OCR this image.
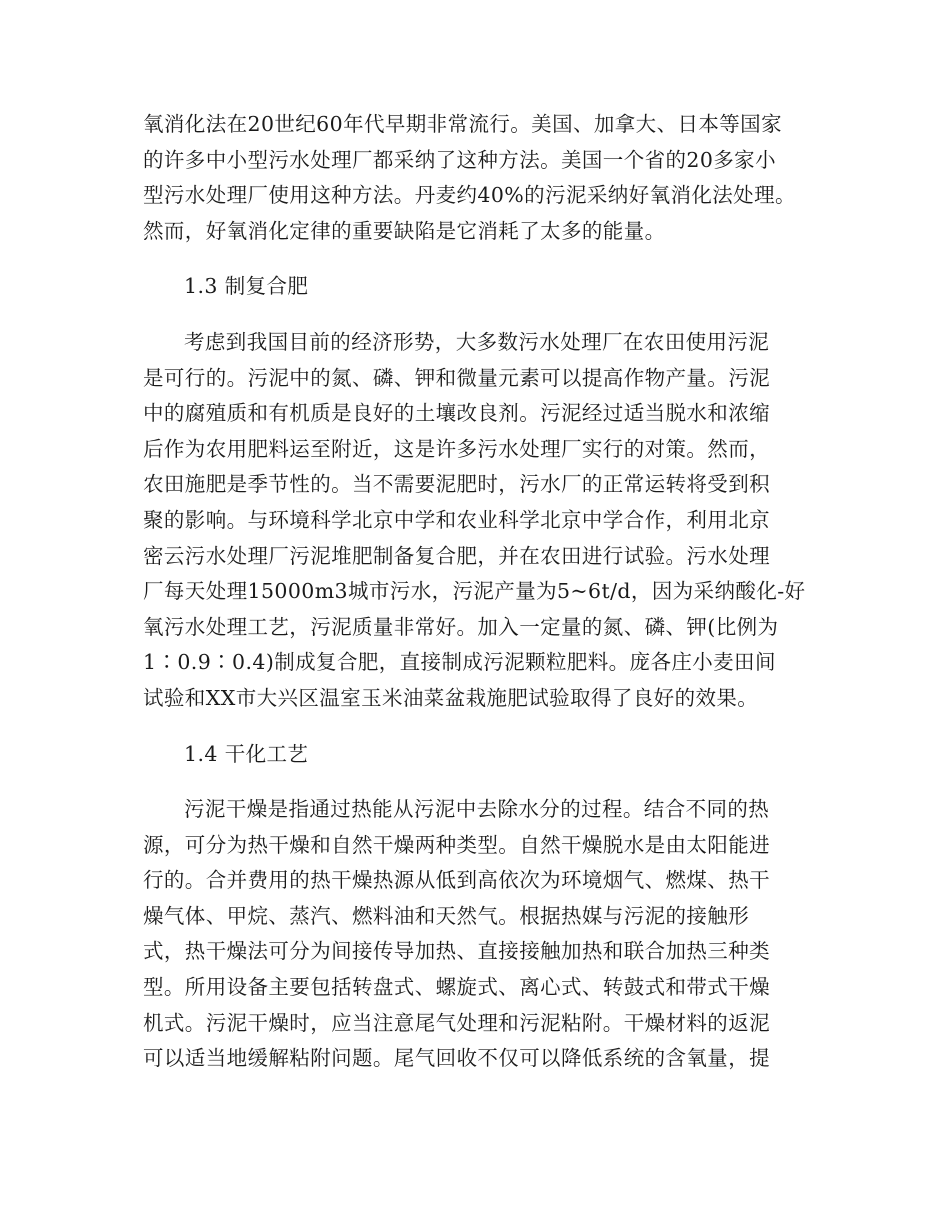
氧消化法在20世纪60年代早期非常流行。美国、加拿大、日本等国家
的许多中小型污水处理厂都采纳了这种方法。美国一个省的20多家小
型污水处理厂使用这种方法。丹麦约40%的污泥采纳好氧消化法处理。
然而，好氧消化定律的重要缺陷是它消耗了太多的能量。
1.3 制复合肥
考虑到我国目前的经济形势，大多数污水处理厂在农田使用污泥
是可行的。污泥中的氮、磷、钾和微量元素可以提高作物产量。污泥
中的腐殖质和有机质是良好的土壤改良剂。污泥经过适当脱水和浓缩
后作为农用肥料运至附近，这是许多污水处理厂实行的对策。然而，
农田施肥是季节性的。当不需要泥肥时，污水厂的正常运转将受到积
聚的影响。与环境科学北京中学和农业科学北京中学合作，利用北京
密云污水处理厂污泥堆肥制备复合肥，并在农田进行试验。污水处理
厂每天处理15000m3城市污水，污泥产量为5~6t/d，因为采纳酸化-好
氧污水处理工艺，污泥质量非常好。加入一定量的氮、磷、钾(比例为
1∶0.9∶0.4)制成复合肥，直接制成污泥颗粒肥料。庞各庄小麦田间
试验和XX市大兴区温室玉米油菜盆栽施肥试验取得了良好的效果。
1.4 干化工艺
污泥干燥是指通过热能从污泥中去除水分的过程。结合不同的热
源，可分为热干燥和自然干燥两种类型。自然干燥脱水是由太阳能进
行的。合并费用的热干燥热源从低到高依次为环境烟气、燃煤、热干
燥气体、甲烷、蒸汽、燃料油和天然气。根据热媒与污泥的接触形
式，热干燥法可分为间接传导加热、直接接触加热和联合加热三种类
型。所用设备主要包括转盘式、螺旋式、离心式、转鼓式和带式干燥
机式。污泥干燥时，应当注意尾气处理和污泥粘附。干燥材料的返泥
可以适当地缓解粘附问题。尾气回收不仅可以降低系统的含氧量，提
